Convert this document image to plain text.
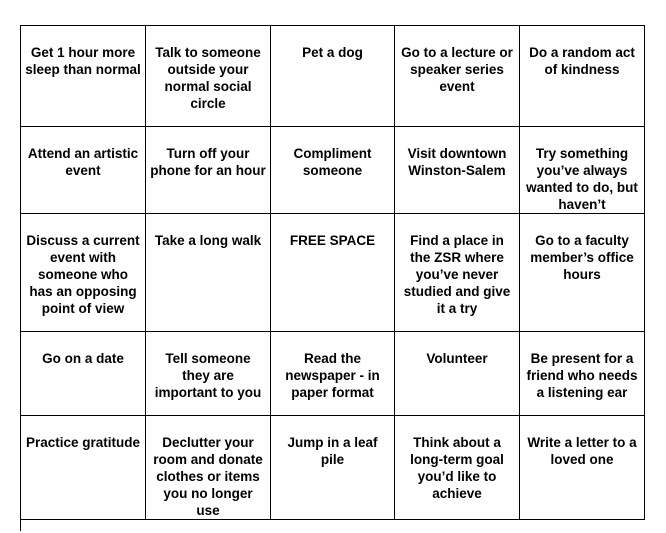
Get 1 hour more sleep than normal	Talk to someone outside your normal social circle	Pet a dog	Go to a lecture or speaker series event	Do a random act of kindness
Attend an artistic event	Turn off your phone for an hour	Compliment someone	Visit downtown Winston-Salem	Try something you’ve always wanted to do, but haven’t
Discuss a current event with someone who has an opposing point of view	Take a long walk	FREE SPACE	Find a place in the ZSR where you’ve never studied and give it a try	Go to a faculty member’s office hours
Go on a date	Tell someone they are important to you	Read the newspaper - in paper format	Volunteer	Be present for a friend who needs a listening ear
Practice gratitude	Declutter your room and donate clothes or items you no longer use	Jump in a leaf pile	Think about a long-term goal you’d like to achieve	Write a letter to a loved one
